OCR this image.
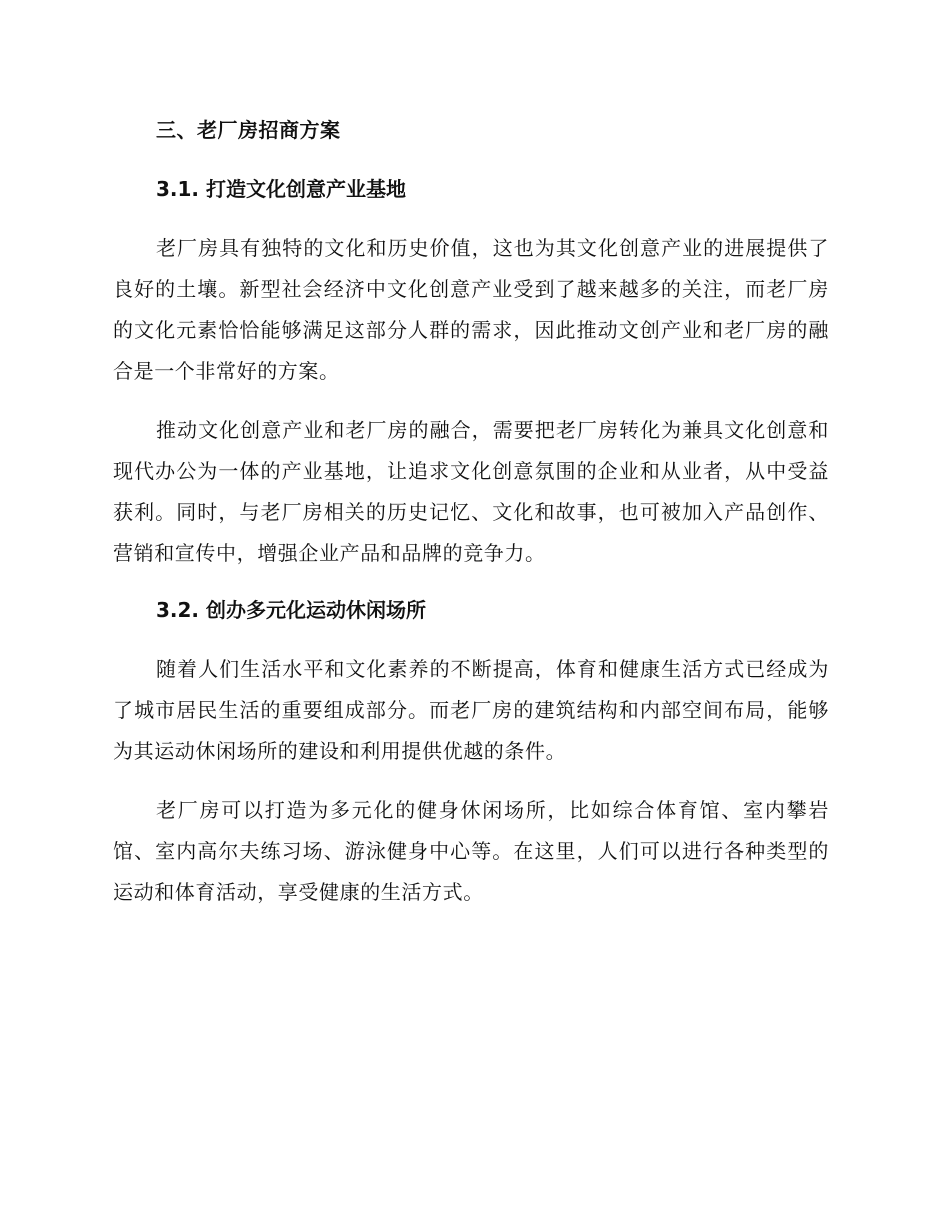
三、老厂房招商方案
3.1. 打造文化创意产业基地

老厂房具有独特的文化和历史价值，这也为其文化创意产业的进展提供了良好的土壤。新型社会经济中文化创意产业受到了越来越多的关注，而老厂房的文化元素恰恰能够满足这部分人群的需求，因此推动文创产业和老厂房的融合是一个非常好的方案。

推动文化创意产业和老厂房的融合，需要把老厂房转化为兼具文化创意和现代办公为一体的产业基地，让追求文化创意氛围的企业和从业者，从中受益获利。同时，与老厂房相关的历史记忆、文化和故事，也可被加入产品创作、营销和宣传中，增强企业产品和品牌的竞争力。

3.2. 创办多元化运动休闲场所

随着人们生活水平和文化素养的不断提高，体育和健康生活方式已经成为了城市居民生活的重要组成部分。而老厂房的建筑结构和内部空间布局，能够为其运动休闲场所的建设和利用提供优越的条件。

老厂房可以打造为多元化的健身休闲场所，比如综合体育馆、室内攀岩馆、室内高尔夫练习场、游泳健身中心等。在这里，人们可以进行各种类型的运动和体育活动，享受健康的生活方式。
